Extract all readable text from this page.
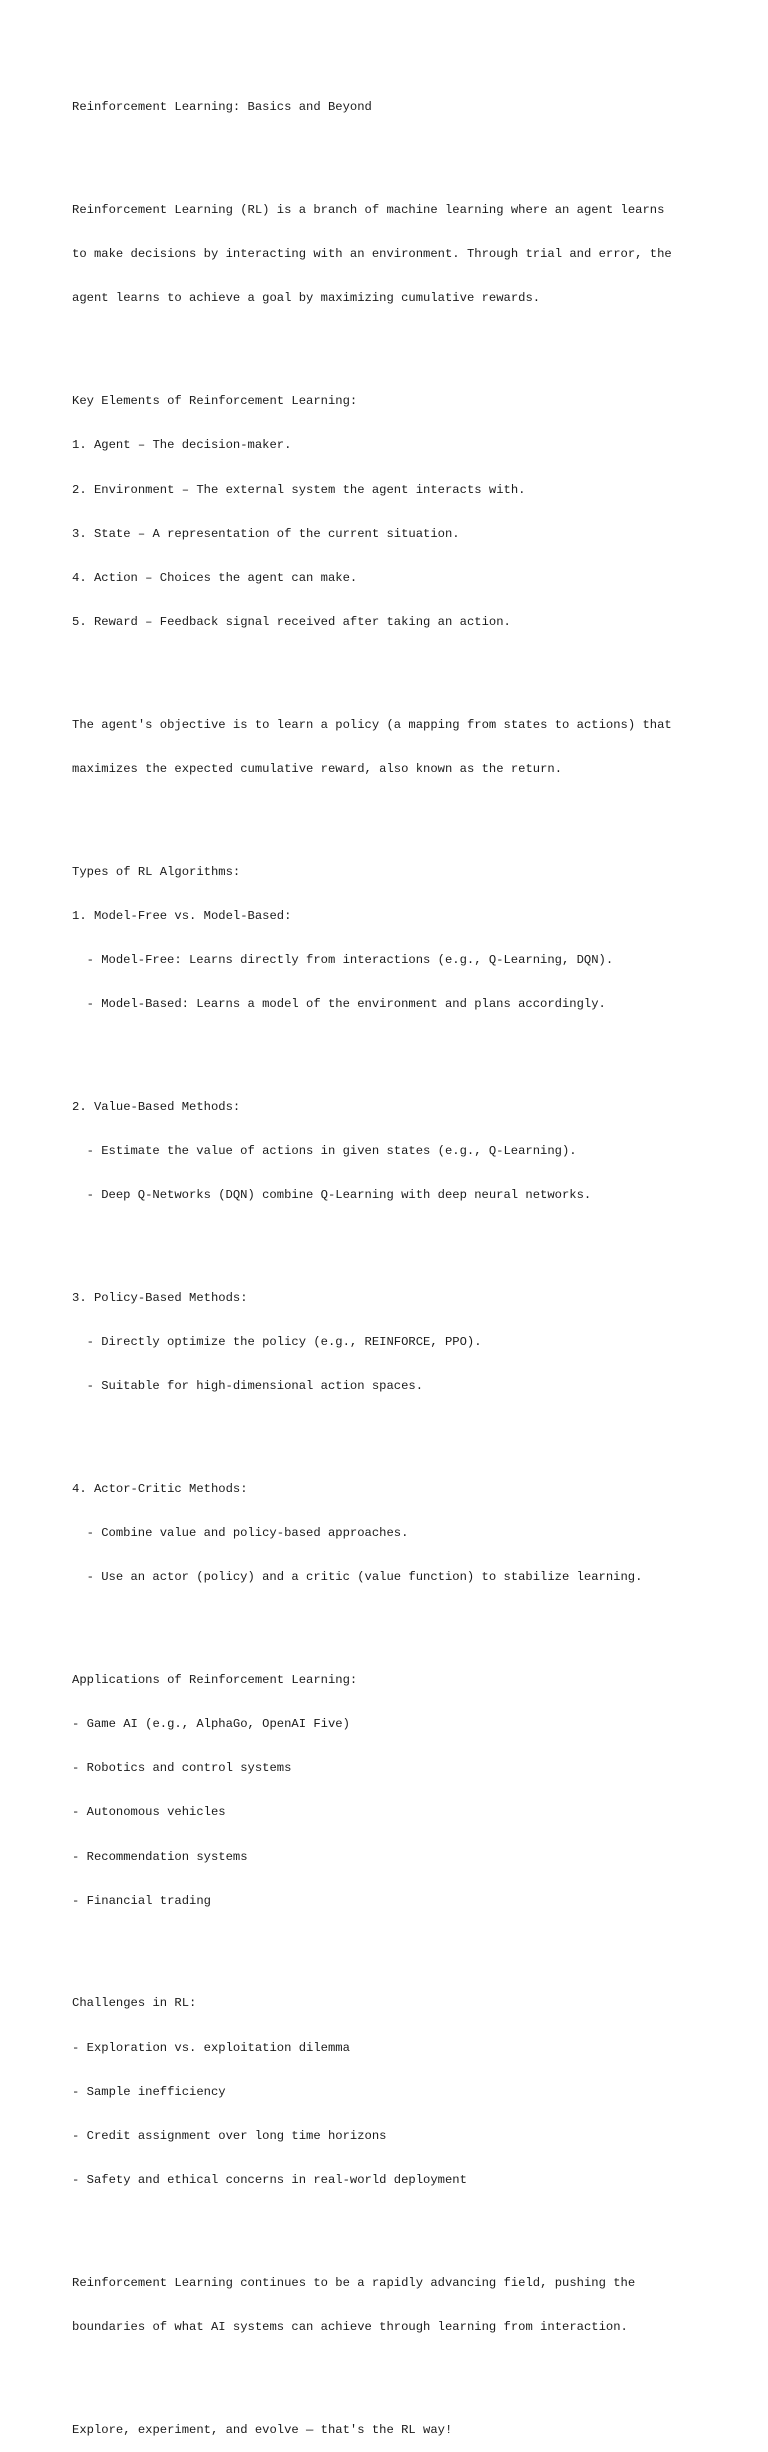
Reinforcement Learning: Basics and Beyond

Reinforcement Learning (RL) is a branch of machine learning where an agent learns

to make decisions by interacting with an environment. Through trial and error, the

agent learns to achieve a goal by maximizing cumulative rewards.

Key Elements of Reinforcement Learning:

1. Agent – The decision-maker.

2. Environment – The external system the agent interacts with.

3. State – A representation of the current situation.

4. Action – Choices the agent can make.

5. Reward – Feedback signal received after taking an action.

The agent's objective is to learn a policy (a mapping from states to actions) that

maximizes the expected cumulative reward, also known as the return.

Types of RL Algorithms:

1. Model-Free vs. Model-Based:

- Model-Free: Learns directly from interactions (e.g., Q-Learning, DQN).

- Model-Based: Learns a model of the environment and plans accordingly.

2. Value-Based Methods:

- Estimate the value of actions in given states (e.g., Q-Learning).

- Deep Q-Networks (DQN) combine Q-Learning with deep neural networks.

3. Policy-Based Methods:

- Directly optimize the policy (e.g., REINFORCE, PPO).

- Suitable for high-dimensional action spaces.

4. Actor-Critic Methods:

- Combine value and policy-based approaches.

- Use an actor (policy) and a critic (value function) to stabilize learning.

Applications of Reinforcement Learning:

- Game AI (e.g., AlphaGo, OpenAI Five)

- Robotics and control systems

- Autonomous vehicles

- Recommendation systems

- Financial trading

Challenges in RL:

- Exploration vs. exploitation dilemma

- Sample inefficiency

- Credit assignment over long time horizons

- Safety and ethical concerns in real-world deployment

Reinforcement Learning continues to be a rapidly advancing field, pushing the

boundaries of what AI systems can achieve through learning from interaction.

Explore, experiment, and evolve — that's the RL way!
